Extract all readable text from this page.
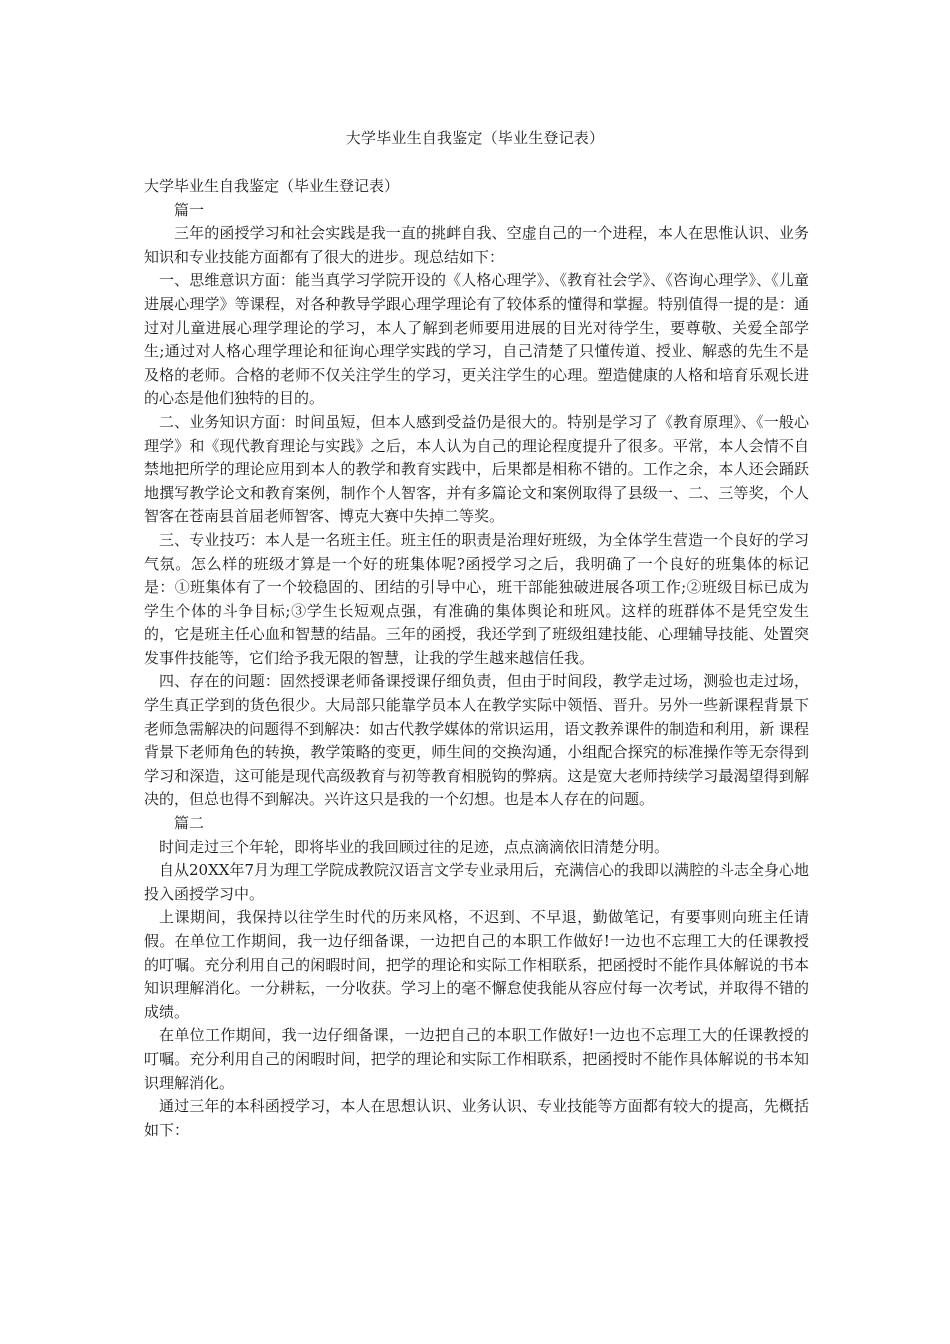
大学毕业生自我鉴定（毕业生登记表）

大学毕业生自我鉴定（毕业生登记表）

篇一

三年的函授学习和社会实践是我一直的挑衅自我、空虚自己的一个进程，本人在思惟认识、业务知识和专业技能方面都有了很大的进步。现总结如下：

一、思维意识方面：能当真学习学院开设的《人格心理学》、《教育社会学》、《咨询心理学》、《儿童进展心理学》等课程，对各种教导学跟心理学理论有了较体系的懂得和掌握。特别值得一提的是：通过对儿童进展心理学理论的学习，本人了解到老师要用进展的目光对待学生，要尊敬、关爱全部学生;通过对人格心理学理论和征询心理学实践的学习，自己清楚了只懂传道、授业、解惑的先生不是及格的老师。合格的老师不仅关注学生的学习，更关注学生的心理。塑造健康的人格和培育乐观长进的心态是他们独特的目的。

二、业务知识方面：时间虽短，但本人感到受益仍是很大的。特别是学习了《教育原理》、《一般心理学》和《现代教育理论与实践》之后，本人认为自己的理论程度提升了很多。平常，本人会情不自禁地把所学的理论应用到本人的教学和教育实践中，后果都是相称不错的。工作之余，本人还会踊跃地撰写教学论文和教育案例，制作个人智客，并有多篇论文和案例取得了县级一、二、三等奖，个人智客在苍南县首届老师智客、博克大赛中失掉二等奖。

三、专业技巧：本人是一名班主任。班主任的职责是治理好班级，为全体学生营造一个良好的学习气氛。怎么样的班级才算是一个好的班集体呢?函授学习之后，我明确了一个良好的班集体的标记是：①班集体有了一个较稳固的、团结的引导中心，班干部能独破进展各项工作;②班级目标已成为学生个体的斗争目标;③学生长短观点强，有准确的集体舆论和班风。这样的班群体不是凭空发生的，它是班主任心血和智慧的结晶。三年的函授，我还学到了班级组建技能、心理辅导技能、处置突发事件技能等，它们给予我无限的智慧，让我的学生越来越信任我。

四、存在的问题：固然授课老师备课授课仔细负责，但由于时间段，教学走过场，测验也走过场，学生真正学到的货色很少。大局部只能靠学员本人在教学实际中领悟、晋升。另外一些新课程背景下老师急需解决的问题得不到解决：如古代教学媒体的常识运用，语文教养课件的制造和利用，新 课程背景下老师角色的转换，教学策略的变更，师生间的交换沟通，小组配合探究的标准操作等无奈得到学习和深造，这可能是现代高级教育与初等教育相脱钩的弊病。这是宽大老师持续学习最渴望得到解决的，但总也得不到解决。兴许这只是我的一个幻想。也是本人存在的问题。

篇二

时间走过三个年轮，即将毕业的我回顾过往的足迹，点点滴滴依旧清楚分明。

自从20XX年7月为理工学院成教院汉语言文学专业录用后，充满信心的我即以满腔的斗志全身心地投入函授学习中。

上课期间，我保持以往学生时代的历来风格，不迟到、不早退，勤做笔记，有要事则向班主任请假。在单位工作期间，我一边仔细备课，一边把自己的本职工作做好!一边也不忘理工大的任课教授的叮嘱。充分利用自己的闲暇时间，把学的理论和实际工作相联系，把函授时不能作具体解说的书本知识理解消化。一分耕耘，一分收获。学习上的毫不懈怠使我能从容应付每一次考试，并取得不错的成绩。

在单位工作期间，我一边仔细备课，一边把自己的本职工作做好!一边也不忘理工大的任课教授的叮嘱。充分利用自己的闲暇时间，把学的理论和实际工作相联系，把函授时不能作具体解说的书本知识理解消化。

通过三年的本科函授学习，本人在思想认识、业务认识、专业技能等方面都有较大的提高，先概括如下：
